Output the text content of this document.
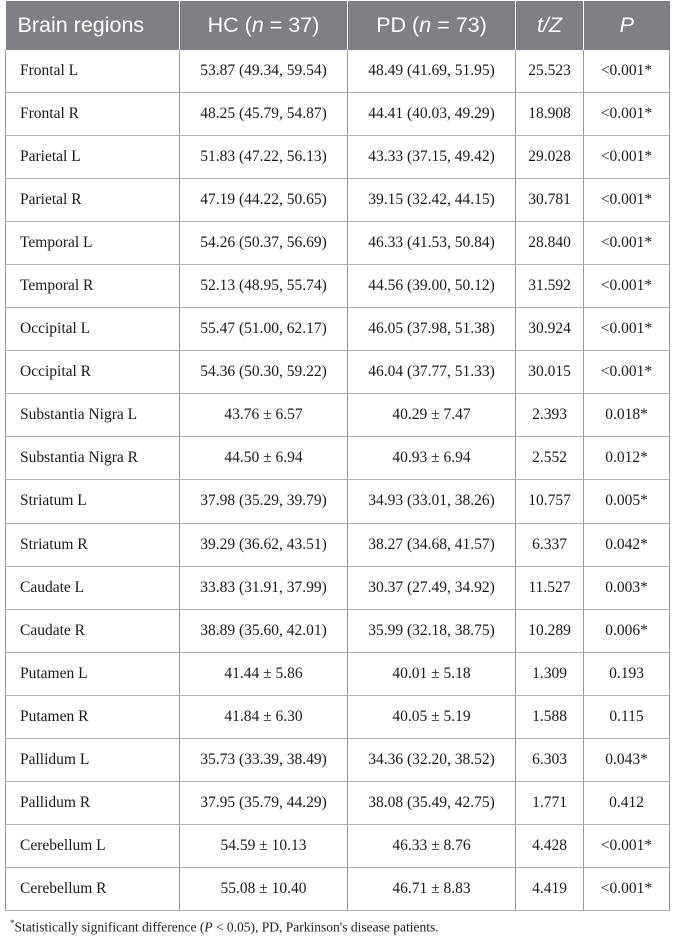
Brain regions	HC (n = 37)	PD (n = 73)	t/Z	P
Frontal L	53.87 (49.34, 59.54)	48.49 (41.69, 51.95)	25.523	<0.001*
Frontal R	48.25 (45.79, 54.87)	44.41 (40.03, 49.29)	18.908	<0.001*
Parietal L	51.83 (47.22, 56.13)	43.33 (37.15, 49.42)	29.028	<0.001*
Parietal R	47.19 (44.22, 50.65)	39.15 (32.42, 44.15)	30.781	<0.001*
Temporal L	54.26 (50.37, 56.69)	46.33 (41.53, 50.84)	28.840	<0.001*
Temporal R	52.13 (48.95, 55.74)	44.56 (39.00, 50.12)	31.592	<0.001*
Occipital L	55.47 (51.00, 62.17)	46.05 (37.98, 51.38)	30.924	<0.001*
Occipital R	54.36 (50.30, 59.22)	46.04 (37.77, 51.33)	30.015	<0.001*
Substantia Nigra L	43.76 ± 6.57	40.29 ± 7.47	2.393	0.018*
Substantia Nigra R	44.50 ± 6.94	40.93 ± 6.94	2.552	0.012*
Striatum L	37.98 (35.29, 39.79)	34.93 (33.01, 38.26)	10.757	0.005*
Striatum R	39.29 (36.62, 43.51)	38.27 (34.68, 41.57)	6.337	0.042*
Caudate L	33.83 (31.91, 37.99)	30.37 (27.49, 34.92)	11.527	0.003*
Caudate R	38.89 (35.60, 42.01)	35.99 (32.18, 38.75)	10.289	0.006*
Putamen L	41.44 ± 5.86	40.01 ± 5.18	1.309	0.193
Putamen R	41.84 ± 6.30	40.05 ± 5.19	1.588	0.115
Pallidum L	35.73 (33.39, 38.49)	34.36 (32.20, 38.52)	6.303	0.043*
Pallidum R	37.95 (35.79, 44.29)	38.08 (35.49, 42.75)	1.771	0.412
Cerebellum L	54.59 ± 10.13	46.33 ± 8.76	4.428	<0.001*
Cerebellum R	55.08 ± 10.40	46.71 ± 8.83	4.419	<0.001*
*Statistically significant difference (P < 0.05), PD, Parkinson's disease patients.
